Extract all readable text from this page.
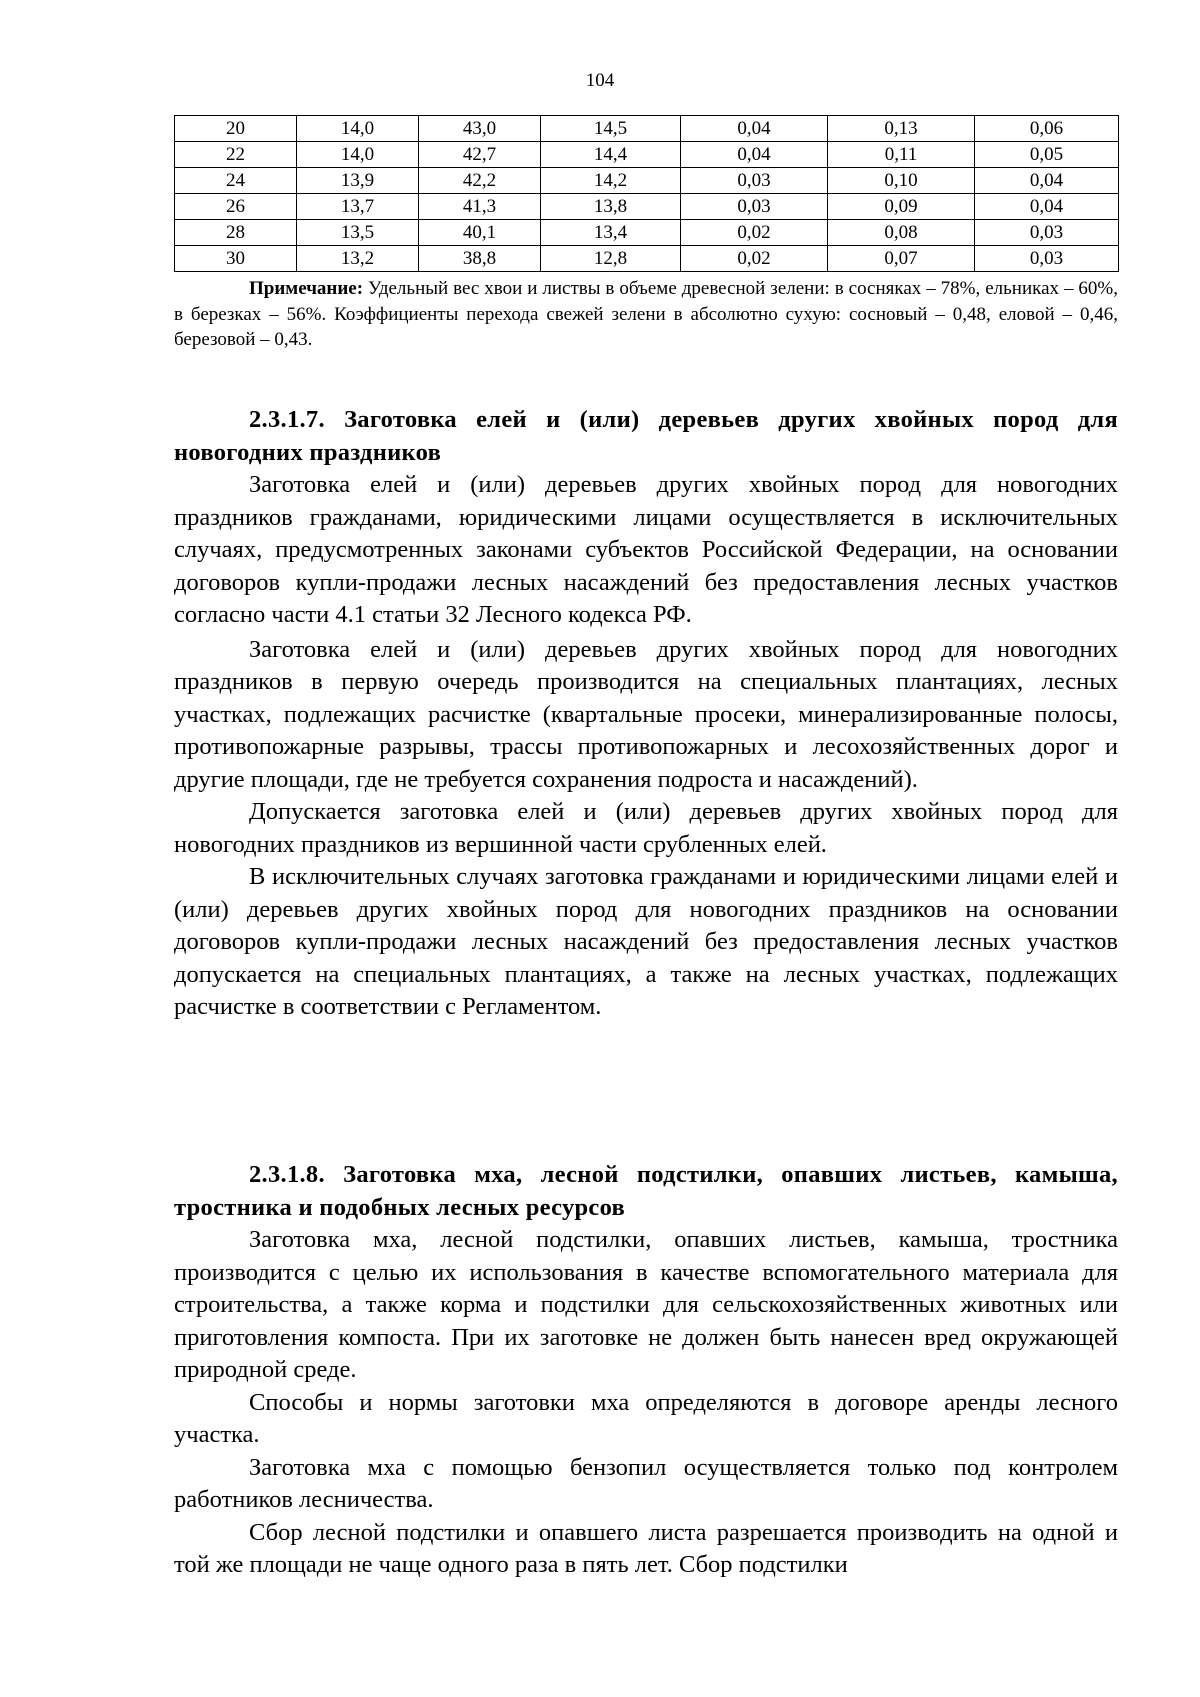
104
20	14,0	43,0	14,5	0,04	0,13	0,06
22	14,0	42,7	14,4	0,04	0,11	0,05
24	13,9	42,2	14,2	0,03	0,10	0,04
26	13,7	41,3	13,8	0,03	0,09	0,04
28	13,5	40,1	13,4	0,02	0,08	0,03
30	13,2	38,8	12,8	0,02	0,07	0,03

Примечание: Удельный вес хвои и листвы в объеме древесной зелени: в сосняках – 78%, ельниках – 60%, в березках – 56%. Коэффициенты перехода свежей зелени в абсолютно сухую: сосновый – 0,48, еловой – 0,46, березовой – 0,43.

2.3.1.7. Заготовка елей и (или) деревьев других хвойных пород для новогодних праздников

Заготовка елей и (или) деревьев других хвойных пород для новогодних праздников гражданами, юридическими лицами осуществляется в исключительных случаях, предусмотренных законами субъектов Российской Федерации, на основании договоров купли-продажи лесных насаждений без предоставления лесных участков согласно части 4.1 статьи 32 Лесного кодекса РФ.

Заготовка елей и (или) деревьев других хвойных пород для новогодних праздников в первую очередь производится на специальных плантациях, лесных участках, подлежащих расчистке (квартальные просеки, минерализированные полосы, противопожарные разрывы, трассы противопожарных и лесохозяйственных дорог и другие площади, где не требуется сохранения подроста и насаждений).

Допускается заготовка елей и (или) деревьев других хвойных пород для новогодних праздников из вершинной части срубленных елей.

В исключительных случаях заготовка гражданами и юридическими лицами елей и (или) деревьев других хвойных пород для новогодних праздников на основании договоров купли-продажи лесных насаждений без предоставления лесных участков допускается на специальных плантациях, а также на лесных участках, подлежащих расчистке в соответствии с Регламентом.

2.3.1.8. Заготовка мха, лесной подстилки, опавших листьев, камыша, тростника и подобных лесных ресурсов

Заготовка мха, лесной подстилки, опавших листьев, камыша, тростника производится с целью их использования в качестве вспомогательного материала для строительства, а также корма и подстилки для сельскохозяйственных животных или приготовления компоста. При их заготовке не должен быть нанесен вред окружающей природной среде.

Способы и нормы заготовки мха определяются в договоре аренды лесного участка.

Заготовка мха с помощью бензопил осуществляется только под контролем работников лесничества.

Сбор лесной подстилки и опавшего листа разрешается производить на одной и той же площади не чаще одного раза в пять лет. Сбор подстилки
